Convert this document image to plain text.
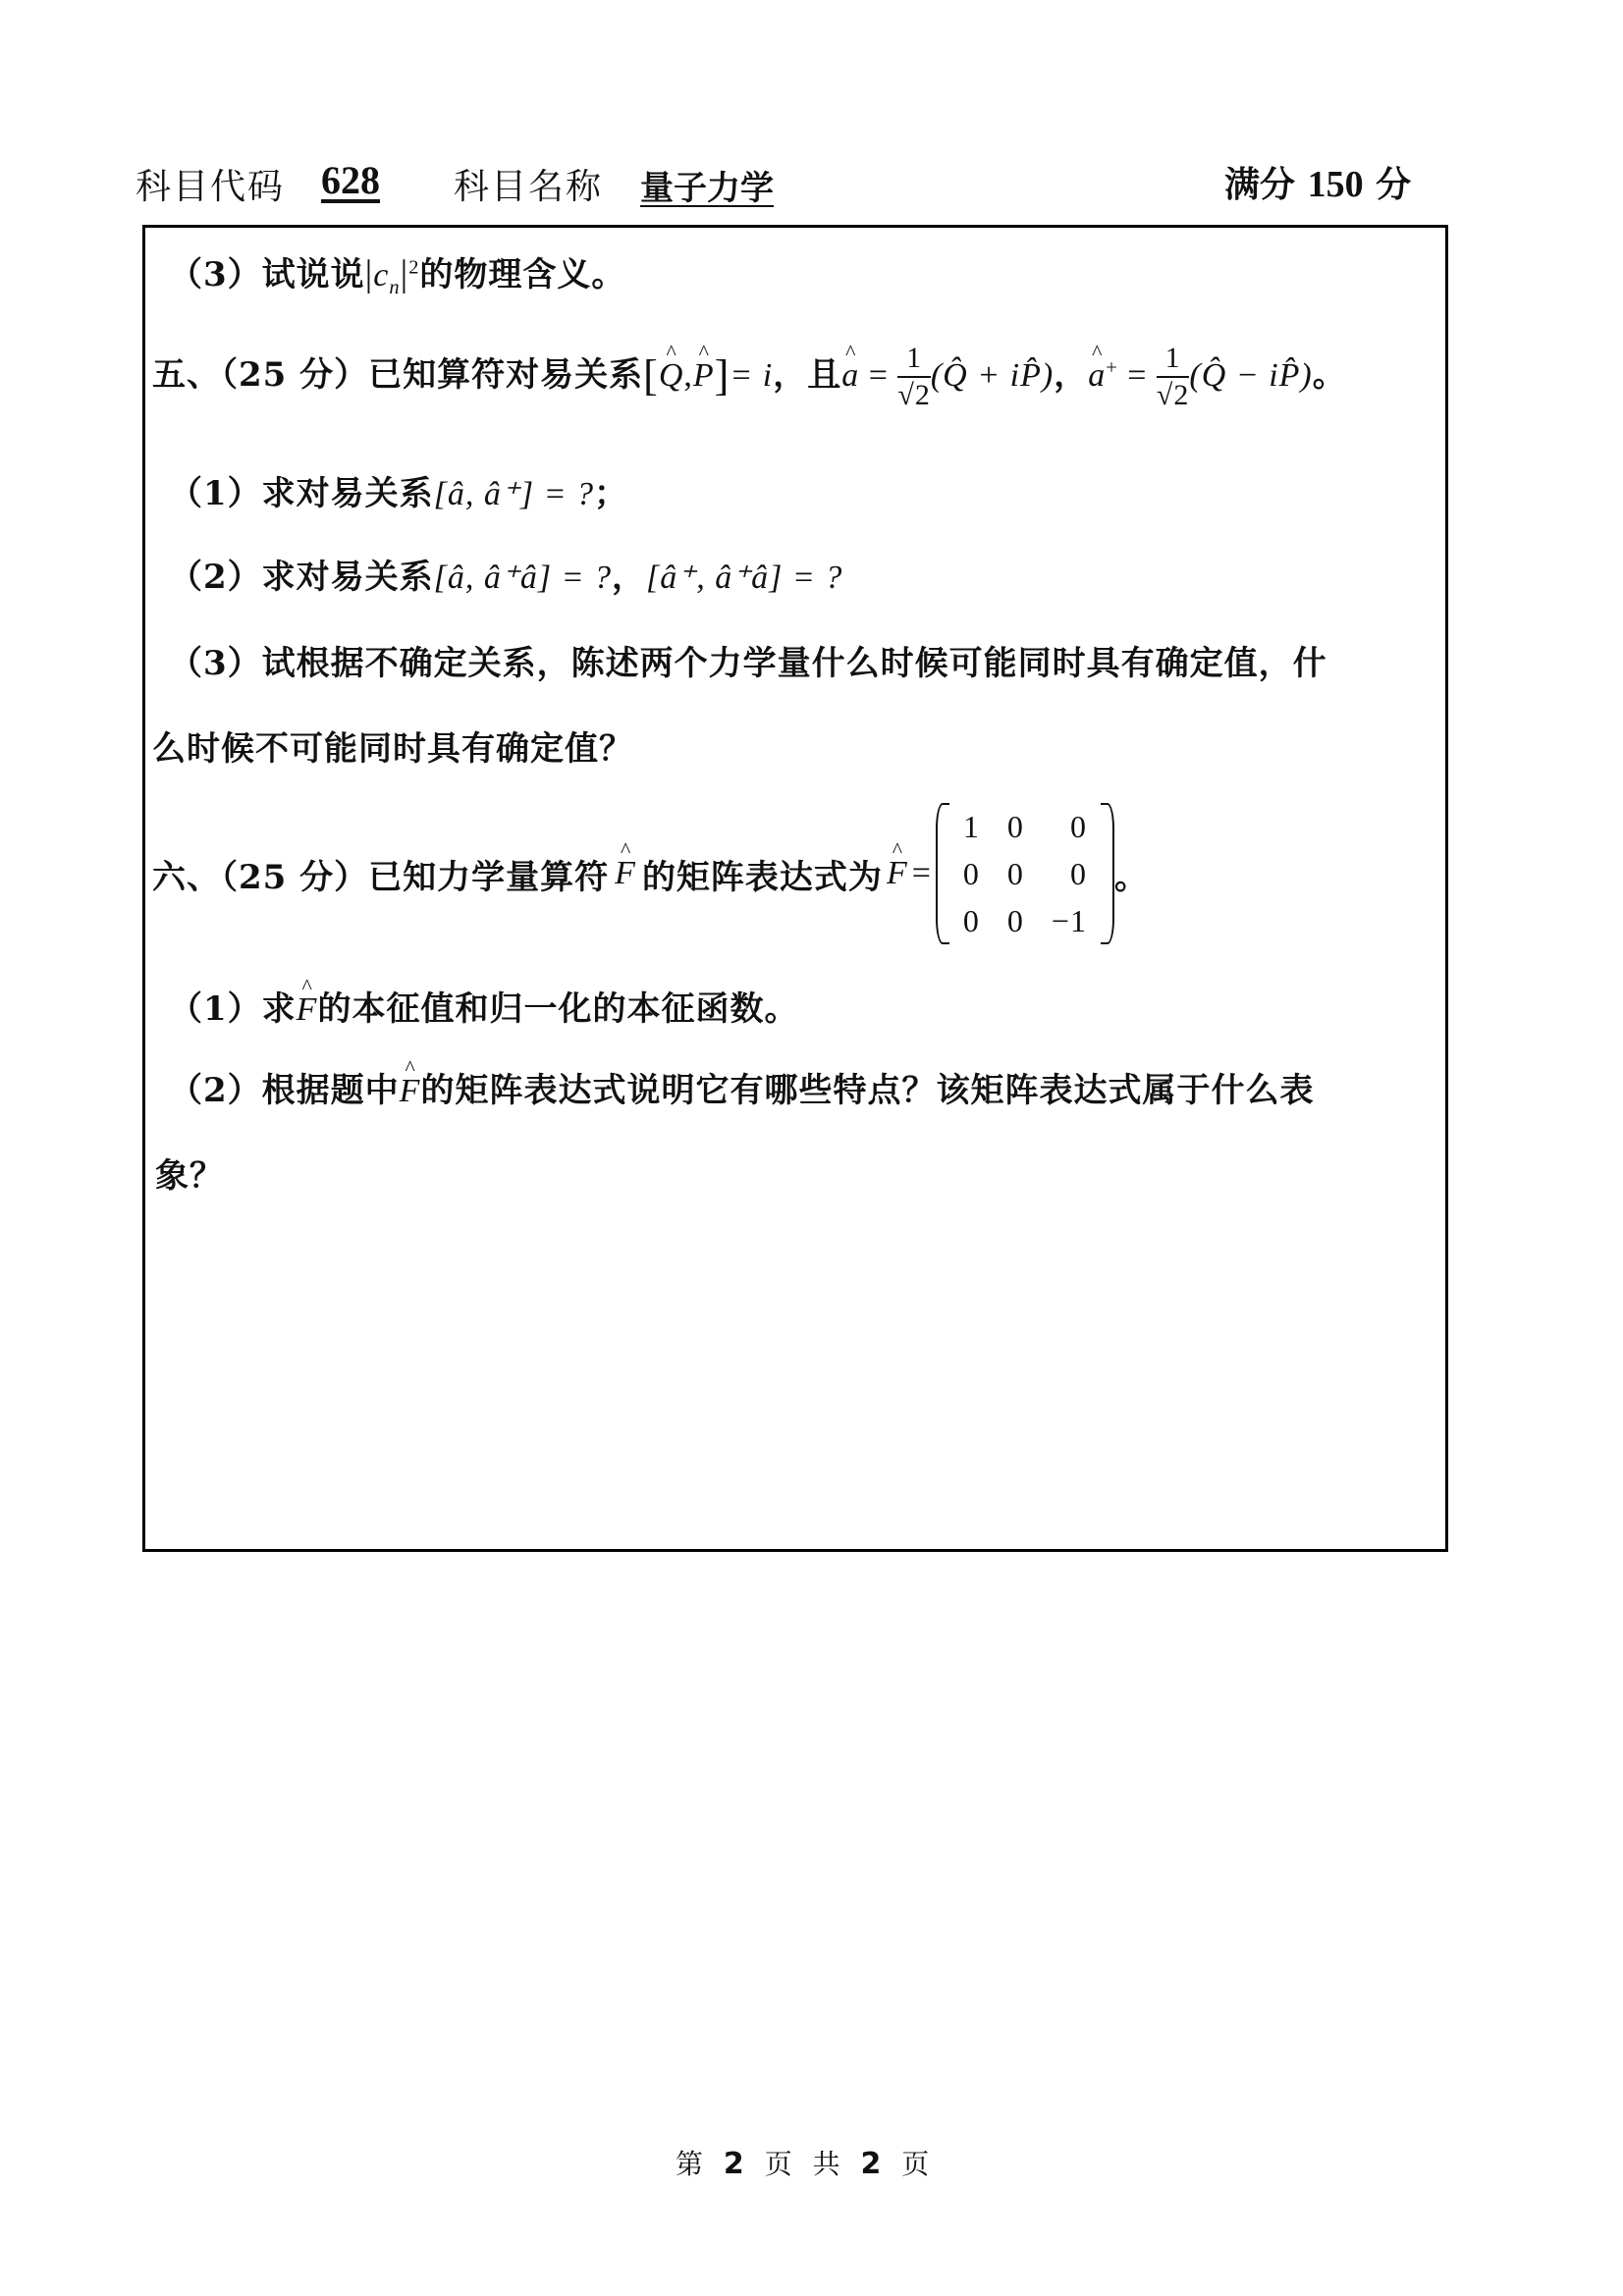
科目代码 628 科目名称 量子力学	满分 150 分
（3）试说说$|c_n|^2$的物理含义。
五、（25 分）已知算符对易关系[^ Q,^ P]= i，且^ $a = \frac{1}{√2}$ (Q̂ + iP̂)，^ $a^+ = \frac{1}{√2}$ (Q̂ − iP̂)。
（1）求对易关系[â, â⁺] = ?；
（2）求对易关系[â, â⁺â] = ?，[â⁺, â⁺â] = ?
（3）试根据不确定关系，陈述两个力学量什么时候可能同时具有确定值，什
么时候不可能同时具有确定值？
六、（25 分）已知力学量算符 ^ F 的矩阵表达式为 ^ F =
1	0	0
0	0	0
0	0	−1
。
（1）求^ F的本征值和归一化的本征函数。
（2）根据题中^ F的矩阵表达式说明它有哪些特点？该矩阵表达式属于什么表
象？
第 2 页 共 2 页
